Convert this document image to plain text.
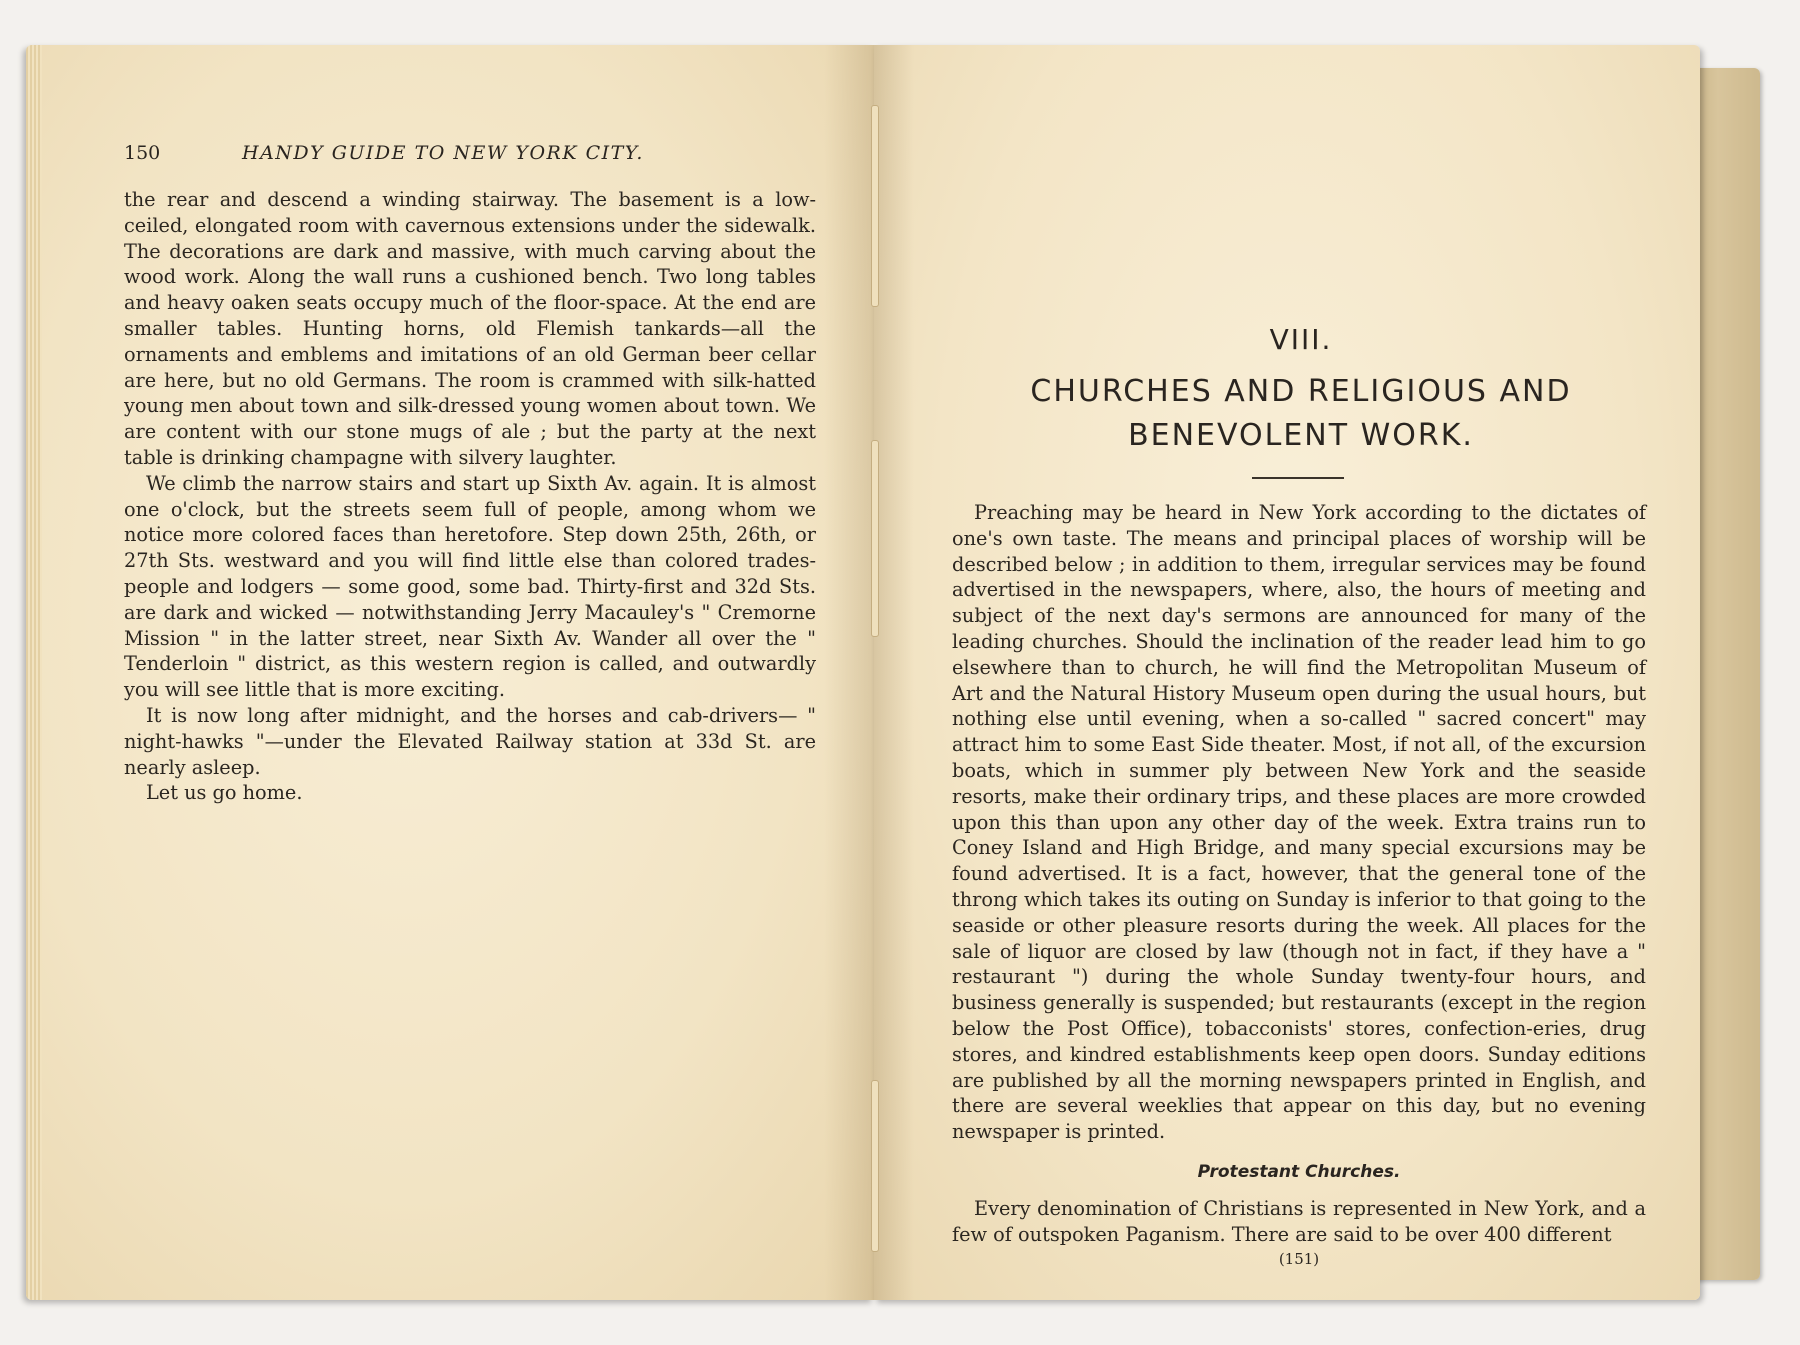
150	HANDY GUIDE TO NEW YORK CITY.

the rear and descend a winding stairway. The basement is a low-ceiled, elongated room with cavernous extensions under the sidewalk. The decorations are dark and massive, with much carving about the wood work. Along the wall runs a cushioned bench. Two long tables and heavy oaken seats occupy much of the floor-space. At the end are smaller tables. Hunting horns, old Flemish tankards—all the ornaments and emblems and imitations of an old German beer cellar are here, but no old Germans. The room is crammed with silk-hatted young men about town and silk-dressed young women about town. We are content with our stone mugs of ale ; but the party at the next table is drinking champagne with silvery laughter.

We climb the narrow stairs and start up Sixth Av. again. It is almost one o'clock, but the streets seem full of people, among whom we notice more colored faces than heretofore. Step down 25th, 26th, or 27th Sts. westward and you will find little else than colored trades-people and lodgers — some good, some bad. Thirty-first and 32d Sts. are dark and wicked — notwithstanding Jerry Macauley's " Cremorne Mission " in the latter street, near Sixth Av. Wander all over the " Tenderloin " district, as this western region is called, and outwardly you will see little that is more exciting.

It is now long after midnight, and the horses and cab-drivers— " night-hawks "—under the Elevated Railway station at 33d St. are nearly asleep.

Let us go home.

VIII.
CHURCHES AND RELIGIOUS AND
BENEVOLENT WORK.

Preaching may be heard in New York according to the dictates of one's own taste. The means and principal places of worship will be described below ; in addition to them, irregular services may be found advertised in the newspapers, where, also, the hours of meeting and subject of the next day's sermons are announced for many of the leading churches. Should the inclination of the reader lead him to go elsewhere than to church, he will find the Metropolitan Museum of Art and the Natural History Museum open during the usual hours, but nothing else until evening, when a so-called " sacred concert" may attract him to some East Side theater. Most, if not all, of the excursion boats, which in summer ply between New York and the seaside resorts, make their ordinary trips, and these places are more crowded upon this than upon any other day of the week. Extra trains run to Coney Island and High Bridge, and many special excursions may be found advertised. It is a fact, however, that the general tone of the throng which takes its outing on Sunday is inferior to that going to the seaside or other pleasure resorts during the week. All places for the sale of liquor are closed by law (though not in fact, if they have a " restaurant ") during the whole Sunday twenty-four hours, and business generally is suspended; but restaurants (except in the region below the Post Office), tobacconists' stores, confection-eries, drug stores, and kindred establishments keep open doors. Sunday editions are published by all the morning newspapers printed in English, and there are several weeklies that appear on this day, but no evening newspaper is printed.

Protestant Churches.

Every denomination of Christians is represented in New York, and a few of outspoken Paganism. There are said to be over 400 different

(151)
